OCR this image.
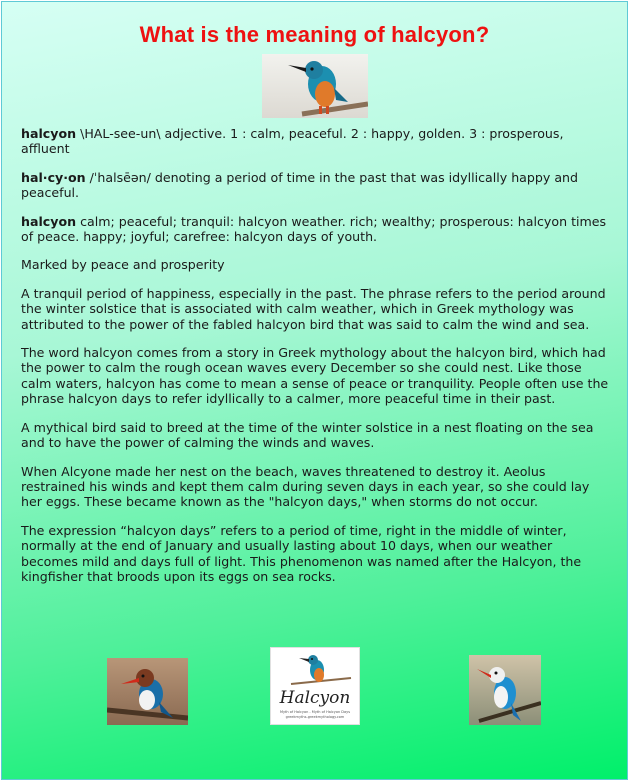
What is the meaning of halcyon?

halcyon \HAL-see-un\ adjective. 1 : calm, peaceful. 2 : happy, golden. 3 : prosperous, affluent

hal·cy·on /ˈhalsēən/ denoting a period of time in the past that was idyllically happy and peaceful.

halcyon calm; peaceful; tranquil: halcyon weather. rich; wealthy; prosperous: halcyon times of peace. happy; joyful; carefree: halcyon days of youth.

Marked by peace and prosperity

A tranquil period of happiness, especially in the past. The phrase refers to the period around the winter solstice that is associated with calm weather, which in Greek mythology was attributed to the power of the fabled halcyon bird that was said to calm the wind and sea.

The word halcyon comes from a story in Greek mythology about the halcyon bird, which had the power to calm the rough ocean waves every December so she could nest. Like those calm waters, halcyon has come to mean a sense of peace or tranquility. People often use the phrase halcyon days to refer idyllically to a calmer, more peaceful time in their past.

A mythical bird said to breed at the time of the winter solstice in a nest floating on the sea and to have the power of calming the winds and waves.

When Alcyone made her nest on the beach, waves threatened to destroy it. Aeolus restrained his winds and kept them calm during seven days in each year, so she could lay her eggs. These became known as the "halcyon days," when storms do not occur.

The expression “halcyon days” refers to a period of time, right in the middle of winter, normally at the end of January and usually lasting about 10 days, when our weather becomes mild and days full of light. This phenomenon was named after the Halcyon, the kingfisher that broods upon its eggs on sea rocks.

Halcyon
Myth of Halcyon - Myth of Halcyon Days greekmyths-greekmythology.com
